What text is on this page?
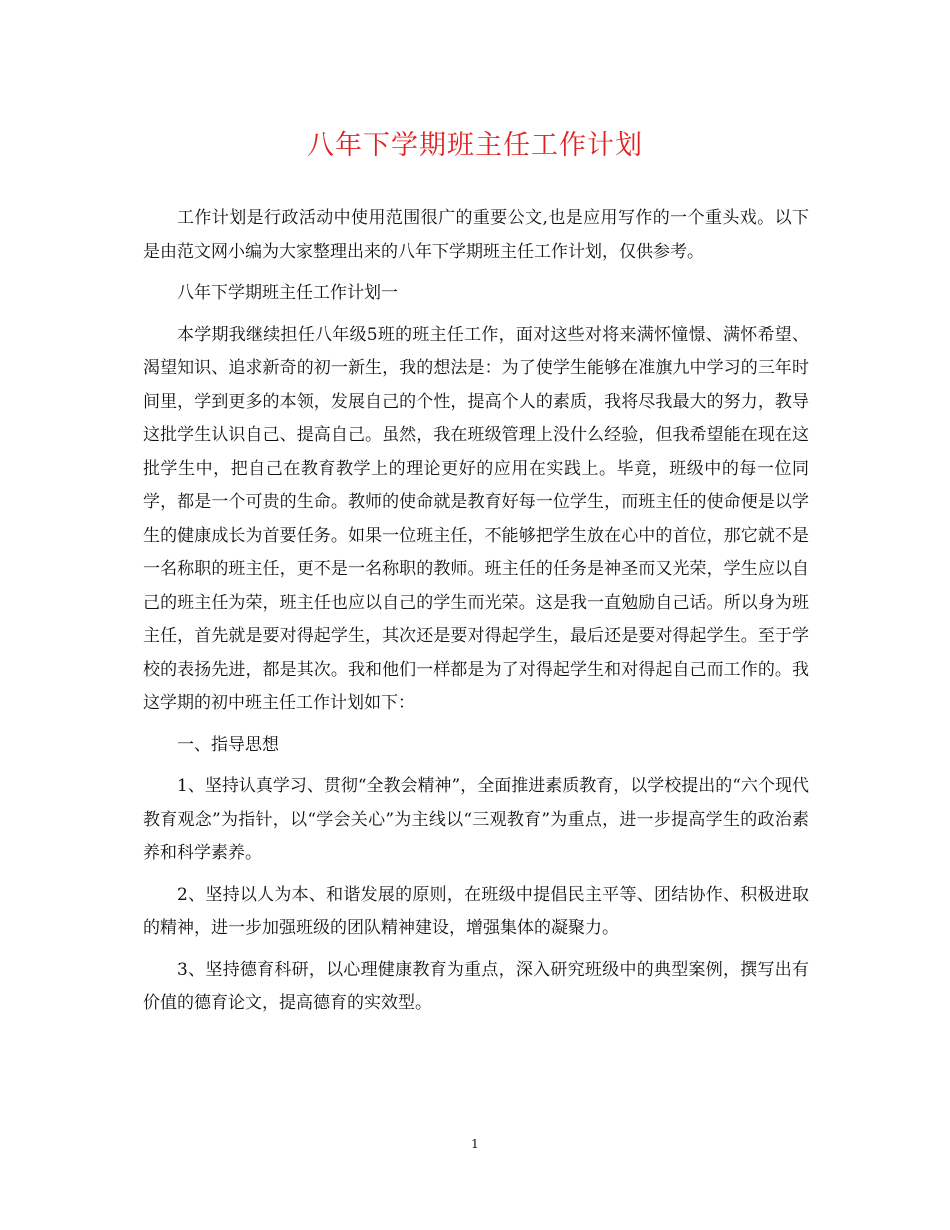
八年下学期班主任工作计划

工作计划是行政活动中使用范围很广的重要公文,也是应用写作的一个重头戏。以下是由范文网小编为大家整理出来的八年下学期班主任工作计划，仅供参考。

八年下学期班主任工作计划一

本学期我继续担任八年级5班的班主任工作，面对这些对将来满怀憧憬、满怀希望、渴望知识、追求新奇的初一新生，我的想法是：为了使学生能够在准旗九中学习的三年时间里，学到更多的本领，发展自己的个性，提高个人的素质，我将尽我最大的努力，教导这批学生认识自己、提高自己。虽然，我在班级管理上没什么经验，但我希望能在现在这批学生中，把自己在教育教学上的理论更好的应用在实践上。毕竟，班级中的每一位同学，都是一个可贵的生命。教师的使命就是教育好每一位学生，而班主任的使命便是以学生的健康成长为首要任务。如果一位班主任，不能够把学生放在心中的首位，那它就不是一名称职的班主任，更不是一名称职的教师。班主任的任务是神圣而又光荣，学生应以自己的班主任为荣，班主任也应以自己的学生而光荣。这是我一直勉励自己话。所以身为班主任，首先就是要对得起学生，其次还是要对得起学生，最后还是要对得起学生。至于学校的表扬先进，都是其次。我和他们一样都是为了对得起学生和对得起自己而工作的。我这学期的初中班主任工作计划如下：

一、指导思想

1、坚持认真学习、贯彻“全教会精神”，全面推进素质教育，以学校提出的“六个现代教育观念”为指针，以“学会关心”为主线以“三观教育”为重点，进一步提高学生的政治素养和科学素养。

2、坚持以人为本、和谐发展的原则，在班级中提倡民主平等、团结协作、积极进取的精神，进一步加强班级的团队精神建设，增强集体的凝聚力。

3、坚持德育科研，以心理健康教育为重点，深入研究班级中的典型案例，撰写出有价值的德育论文，提高德育的实效型。

1
